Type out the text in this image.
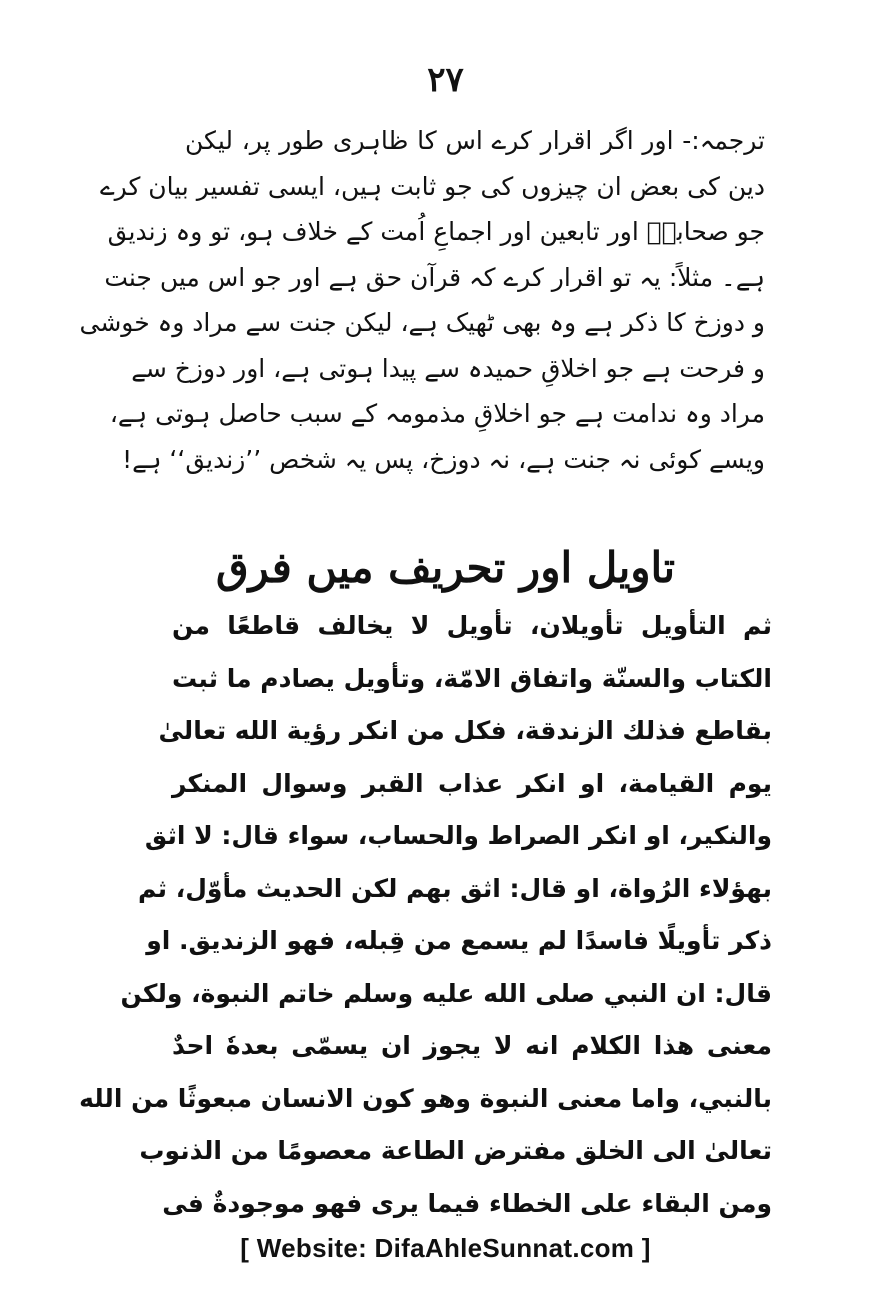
۲۷
ترجمہ:- اور اگر اقرار کرے اس کا ظاہری طور پر، لیکن
دین کی بعض ان چیزوں کی جو ثابت ہیں، ایسی تفسیر بیان کرے
جو صحابہؓ اور تابعین اور اجماعِ اُمت کے خلاف ہو، تو وہ زندیق
ہے۔ مثلاً: یہ تو اقرار کرے کہ قرآن حق ہے اور جو اس میں جنت
و دوزخ کا ذکر ہے وہ بھی ٹھیک ہے، لیکن جنت سے مراد وہ خوشی
و فرحت ہے جو اخلاقِ حمیدہ سے پیدا ہوتی ہے، اور دوزخ سے
مراد وہ ندامت ہے جو اخلاقِ مذمومہ کے سبب حاصل ہوتی ہے،
ویسے کوئی نہ جنت ہے، نہ دوزخ، پس یہ شخص ’’زندیق‘‘ ہے!
تاویل اور تحریف میں فرق
ثم التأويل تأويلان، تأويل لا يخالف قاطعًا من
الكتاب والسنّة واتفاق الامّة، وتأويل يصادم ما ثبت
بقاطع فذلك الزندقة، فكل من انكر رؤية الله تعالىٰ
يوم القيامة، او انكر عذاب القبر وسوال المنكر
والنكير، او انكر الصراط والحساب، سواء قال: لا اثق
بهؤلاء الرُواة، او قال: اثق بهم لكن الحديث مأوّل، ثم
ذكر تأويلًا فاسدًا لم يسمع من قِبله، فهو الزنديق. او
قال: ان النبي صلى الله عليه وسلم خاتم النبوة، ولكن
معنى هذا الكلام انه لا يجوز ان يسمّى بعدهٗ احدٌ
بالنبي، واما معنى النبوة وهو كون الانسان مبعوثًا من الله
تعالىٰ الى الخلق مفترض الطاعة معصومًا من الذنوب
ومن البقاء على الخطاء فيما يرى فهو موجودةٌ فى
[ Website: DifaAhleSunnat.com ]
